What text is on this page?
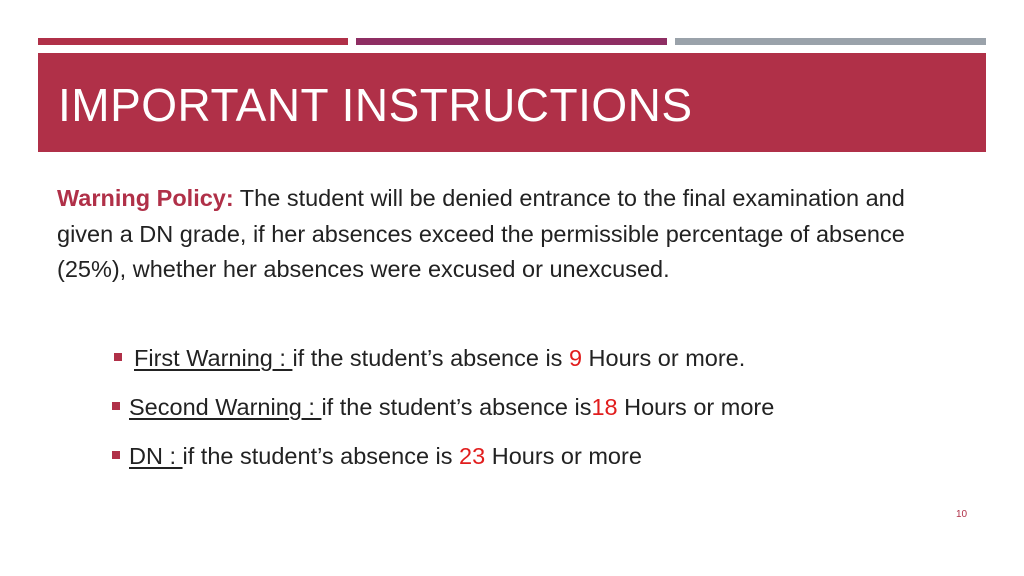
IMPORTANT INSTRUCTIONS
Warning Policy: The student will be denied entrance to the final examination and given a DN grade, if her absences exceed the permissible percentage of absence (25%), whether her absences were excused or unexcused.
First Warning : if the student’s absence is 9 Hours or more.
Second Warning : if the student’s absence is18 Hours or more
DN : if the student’s absence is 23 Hours or more
10
